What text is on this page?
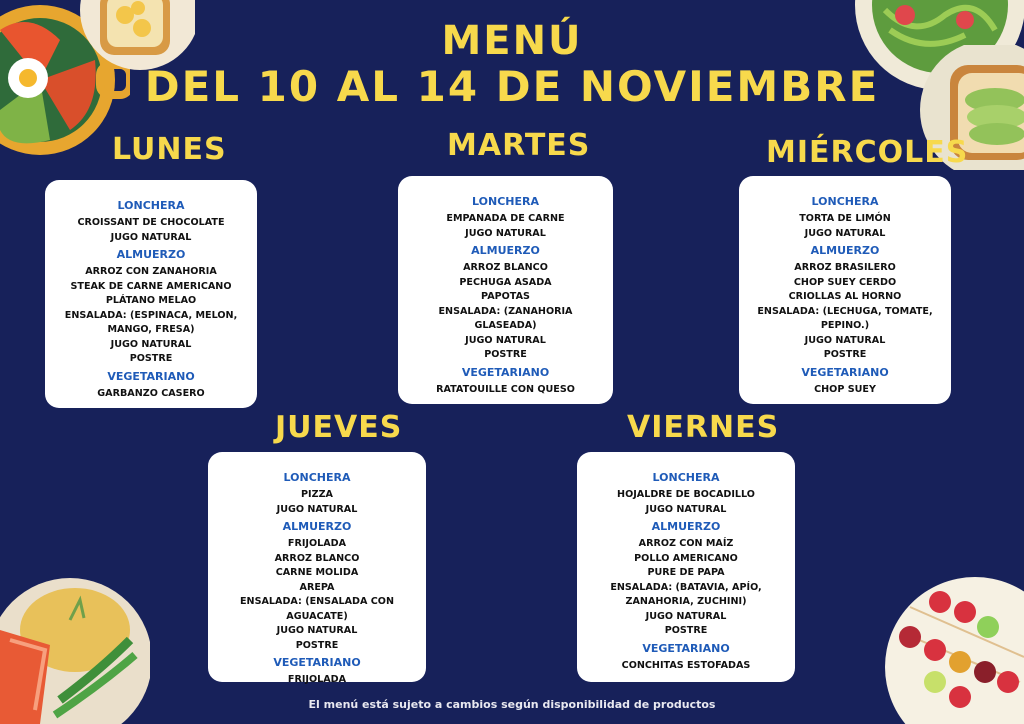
MENÚ
DEL 10 AL 14 DE NOVIEMBRE
LUNES	MARTES	MIÉRCOLES
JUEVES	VIERNES
LONCHERA
CROISSANT DE CHOCOLATE
JUGO NATURAL
ALMUERZO
ARROZ CON ZANAHORIA
STEAK DE CARNE AMERICANO
PLÁTANO MELAO
ENSALADA: (ESPINACA, MELON,
MANGO, FRESA)
JUGO NATURAL
POSTRE
VEGETARIANO
GARBANZO CASERO
LONCHERA
EMPANADA DE CARNE
JUGO NATURAL
ALMUERZO
ARROZ BLANCO
PECHUGA ASADA
PAPOTAS
ENSALADA: (ZANAHORIA
GLASEADA)
JUGO NATURAL
POSTRE
VEGETARIANO
RATATOUILLE CON QUESO
LONCHERA
TORTA DE LIMÓN
JUGO NATURAL
ALMUERZO
ARROZ BRASILERO
CHOP SUEY CERDO
CRIOLLAS AL HORNO
ENSALADA: (LECHUGA, TOMATE,
PEPINO.)
JUGO NATURAL
POSTRE
VEGETARIANO
CHOP SUEY
LONCHERA
PIZZA
JUGO NATURAL
ALMUERZO
FRIJOLADA
ARROZ BLANCO
CARNE MOLIDA
AREPA
ENSALADA: (ENSALADA CON
AGUACATE)
JUGO NATURAL
POSTRE
VEGETARIANO
FRIJOLADA
LONCHERA
HOJALDRE DE BOCADILLO
JUGO NATURAL
ALMUERZO
ARROZ CON MAÍZ
POLLO AMERICANO
PURE DE PAPA
ENSALADA: (BATAVIA, APÍO,
ZANAHORIA, ZUCHINI)
JUGO NATURAL
POSTRE
VEGETARIANO
CONCHITAS ESTOFADAS
El menú está sujeto a cambios según disponibilidad de productos
